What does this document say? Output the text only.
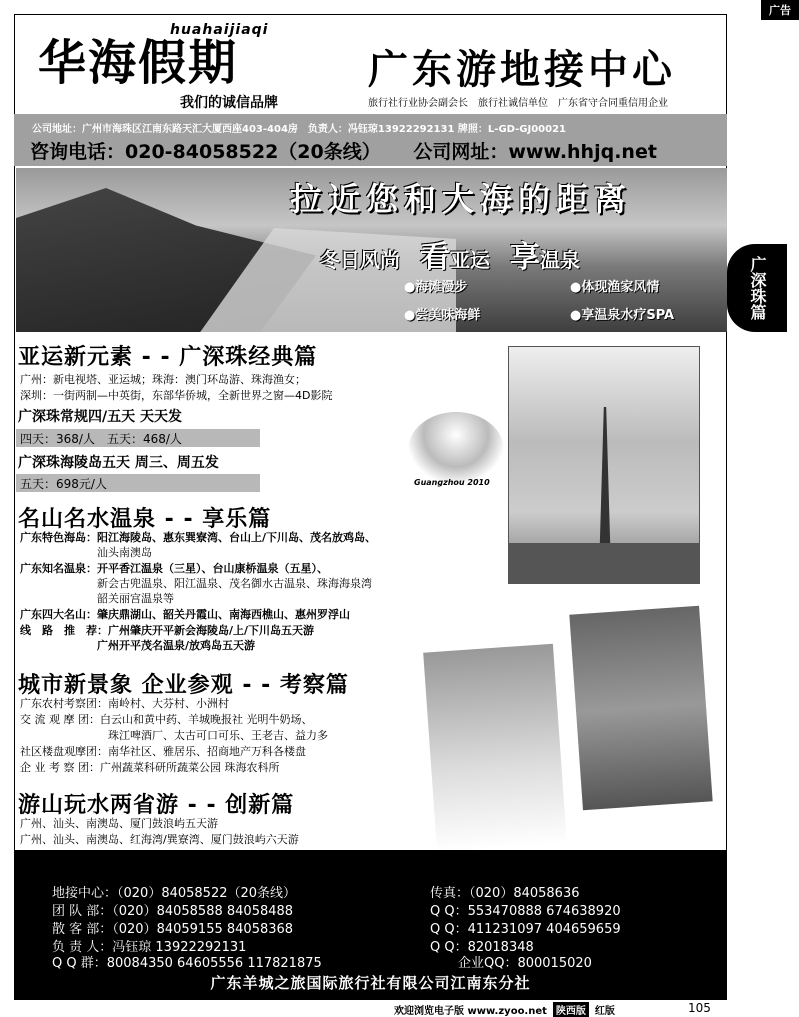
广告
华海假期
huahaijiaqi
我们的诚信品牌
广东游地接中心
旅行社行业协会副会长　旅行社诚信单位　广东省守合同重信用企业
公司地址：广州市海珠区江南东路天汇大厦西座403-404房　负责人：冯钰琼13922292131 牌照：L-GD-GJ00021
咨询电话：020-84058522（20条线） 公司网址：www.hhjq.net
拉近您和大海的距离
冬日风尚 看亚运 享温泉
●海滩漫步	●体现渔家风情
●尝美味海鲜	●享温泉水疗SPA	广深珠篇
亚运新元素 - - 广深珠经典篇
广州：新电视塔、亚运城；珠海：澳门环岛游、珠海渔女；
深圳：一街两制—中英街，东部华侨城，全新世界之窗—4D影院
广深珠常规四/五天 天天发
四天：368/人　五天：468/人
广深珠海陵岛五天 周三、周五发
五天：698元/人	Guangzhou 2010
名山名水温泉 - - 享乐篇
广东特色海岛：阳江海陵岛、惠东巽寮湾、台山上/下川岛、茂名放鸡岛、
　　　　　　　汕头南澳岛
广东知名温泉：开平香江温泉（三星）、台山康桥温泉（五星）、
　　　　　　　新会古兜温泉、阳江温泉、茂名御水古温泉、珠海海泉湾
　　　　　　　韶关丽宫温泉等
广东四大名山：肇庆鼎湖山、韶关丹霞山、南海西樵山、惠州罗浮山
线　路　推　荐：广州肇庆开平新会海陵岛/上/下川岛五天游
　　　　　　　广州开平茂名温泉/放鸡岛五天游
城市新景象 企业参观 - - 考察篇
广东农村考察团：南岭村、大芬村、小洲村
交 流 观 摩 团：白云山和黄中药、羊城晚报社 光明牛奶场、
　　　　　　　　珠江啤酒厂、太古可口可乐、王老吉、益力多
社区楼盘观摩团：南华社区、雅居乐、招商地产万科各楼盘
企 业 考 察 团：广州蔬菜科研所蔬菜公园 珠海农科所
游山玩水两省游 - - 创新篇
广州、汕头、南澳岛、厦门鼓浪屿五天游
广州、汕头、南澳岛、红海湾/巽寮湾、厦门鼓浪屿六天游
地接中心：（020）84058522（20条线）
团 队 部：（020）84058588 84058488
散 客 部：（020）84059155 84058368
负 责 人：冯钰琼 13922292131
Q Q 群：80084350 64605556 117821875
传真：（020）84058636
Q Q：553470888 674638920
Q Q：411231097 404659659
Q Q：82018348
企业QQ：800015020
广东羊城之旅国际旅行社有限公司江南东分社
欢迎浏览电子版 www.zyoo.net 陕西版 红版	105
